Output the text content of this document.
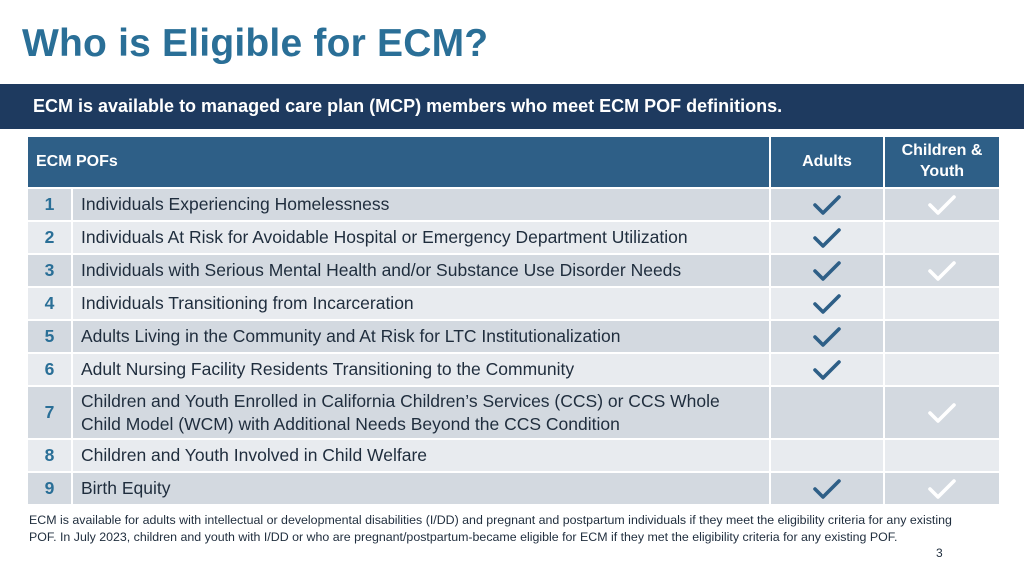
Who is Eligible for ECM?
ECM is available to managed care plan (MCP) members who meet ECM POF definitions.
ECM POFs		Adults	Children &
Youth
1	Individuals Experiencing Homelessness	

2	Individuals At Risk for Avoidable Hospital or Emergency Department Utilization	

3	Individuals with Serious Mental Health and/or Substance Use Disorder Needs	

4	Individuals Transitioning from Incarceration	

5	Adults Living in the Community and At Risk for LTC Institutionalization	

6	Adult Nursing Facility Residents Transitioning to the Community	

7	Children and Youth Enrolled in California Children’s Services (CCS) or CCS Whole
Child Model (WCM) with Additional Needs Beyond the CCS Condition		

8	Children and Youth Involved in Child Welfare		
9	Birth Equity	

ECM is available for adults with intellectual or developmental disabilities (I/DD) and pregnant and postpartum individuals if they meet the eligibility criteria for any existing POF. In July 2023, children and youth with I/DD or who are pregnant/postpartum-became eligible for ECM if they met the eligibility criteria for any existing POF.
3
